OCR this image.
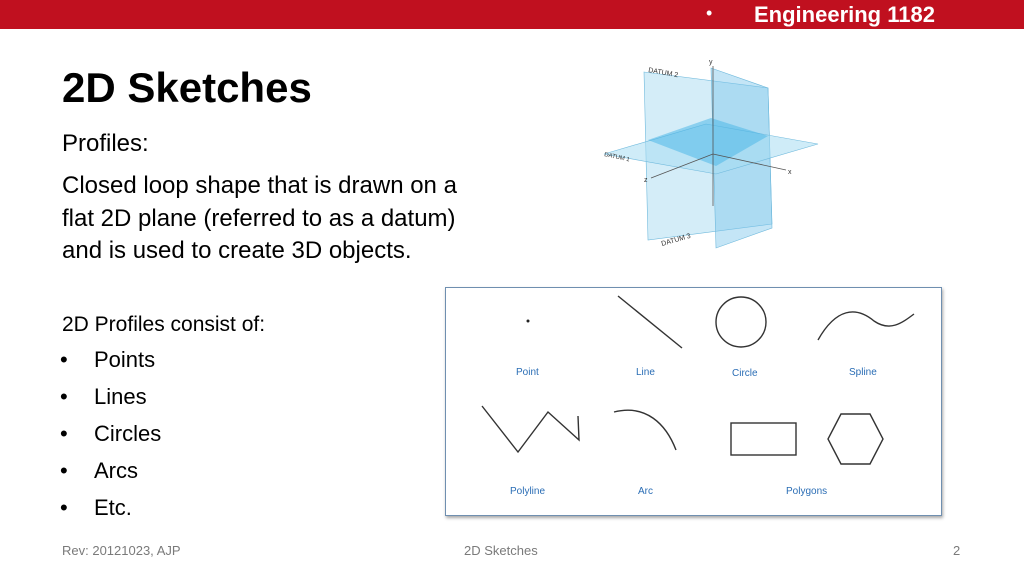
• Engineering 1182
2D Sketches
Profiles:
Closed loop shape that is drawn on a flat 2D plane (referred to as a datum) and is used to create 3D objects.
2D Profiles consist of:
• Points
• Lines
• Circles
• Arcs
• Etc.
y
x
z
DATUM 2
DATUM 1
DATUM 3
Point	Line	Circle	Spline
Polyline	Arc	Polygons
Rev: 20121023, AJP	2D Sketches	2
